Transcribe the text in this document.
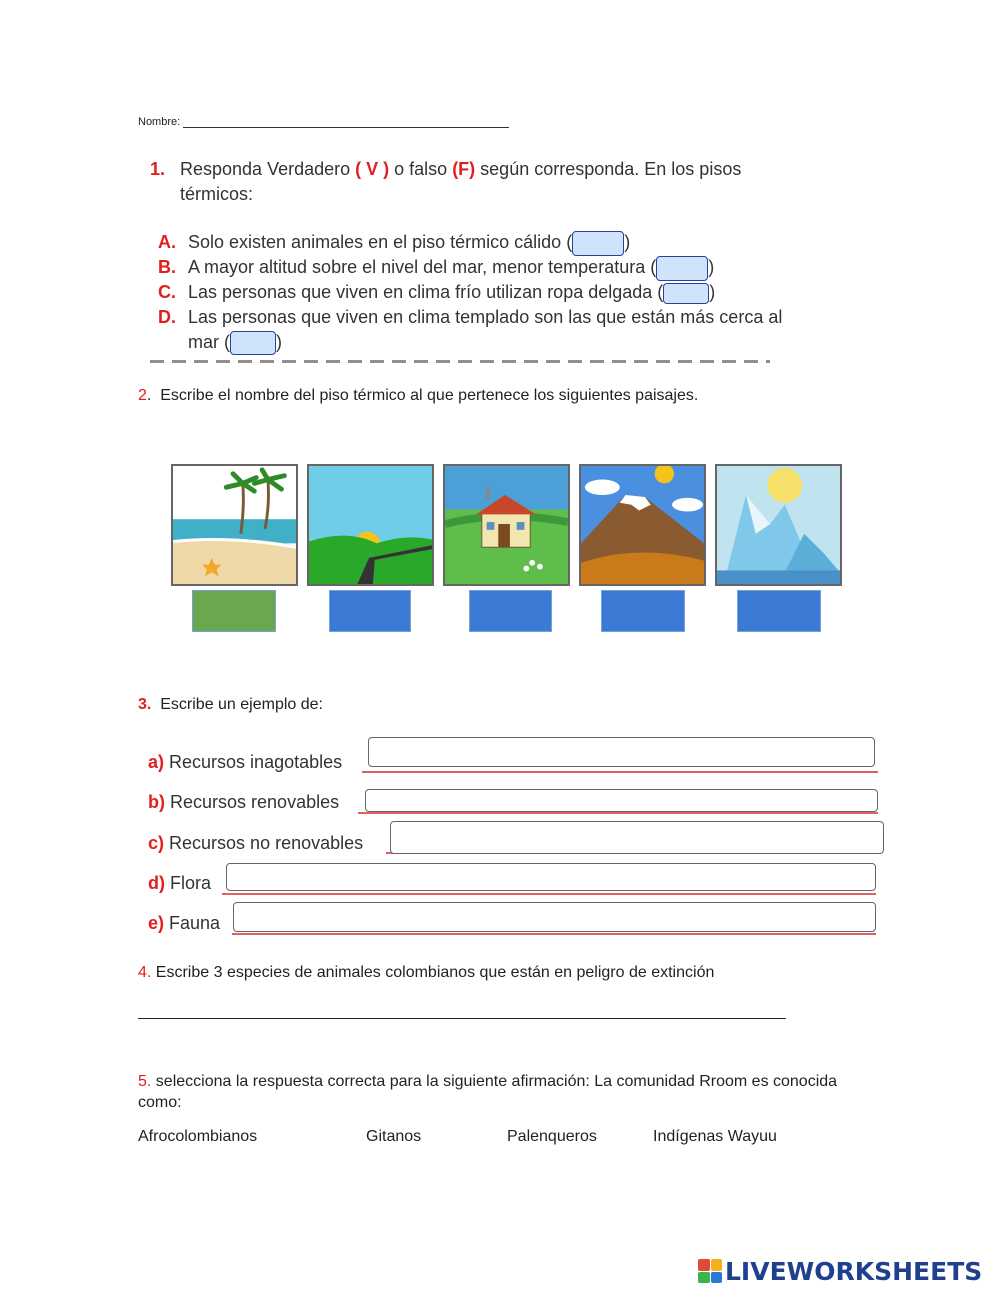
Nombre:
1. Responda Verdadero ( V ) o falso (F) según corresponda. En los pisos
térmicos:
A. Solo existen animales en el piso térmico cálido (	)
B. A mayor altitud sobre el nivel del mar, menor temperatura (	)
C. Las personas que viven en clima frío utilizan ropa delgada (	)
D. Las personas que viven en clima templado son las que están más cerca al
mar (	)
2. Escribe el nombre del piso térmico al que pertenece los siguientes paisajes.
3. Escribe un ejemplo de:
a) Recursos inagotables
b) Recursos renovables
c) Recursos no renovables
d) Flora
e) Fauna
4. Escribe 3 especies de animales colombianos que están en peligro de extinción
5. selecciona la respuesta correcta para la siguiente afirmación: La comunidad Rroom es conocida como:
Afrocolombianos	Gitanos	Palenqueros	Indígenas Wayuu
LIVEWORKSHEETS
